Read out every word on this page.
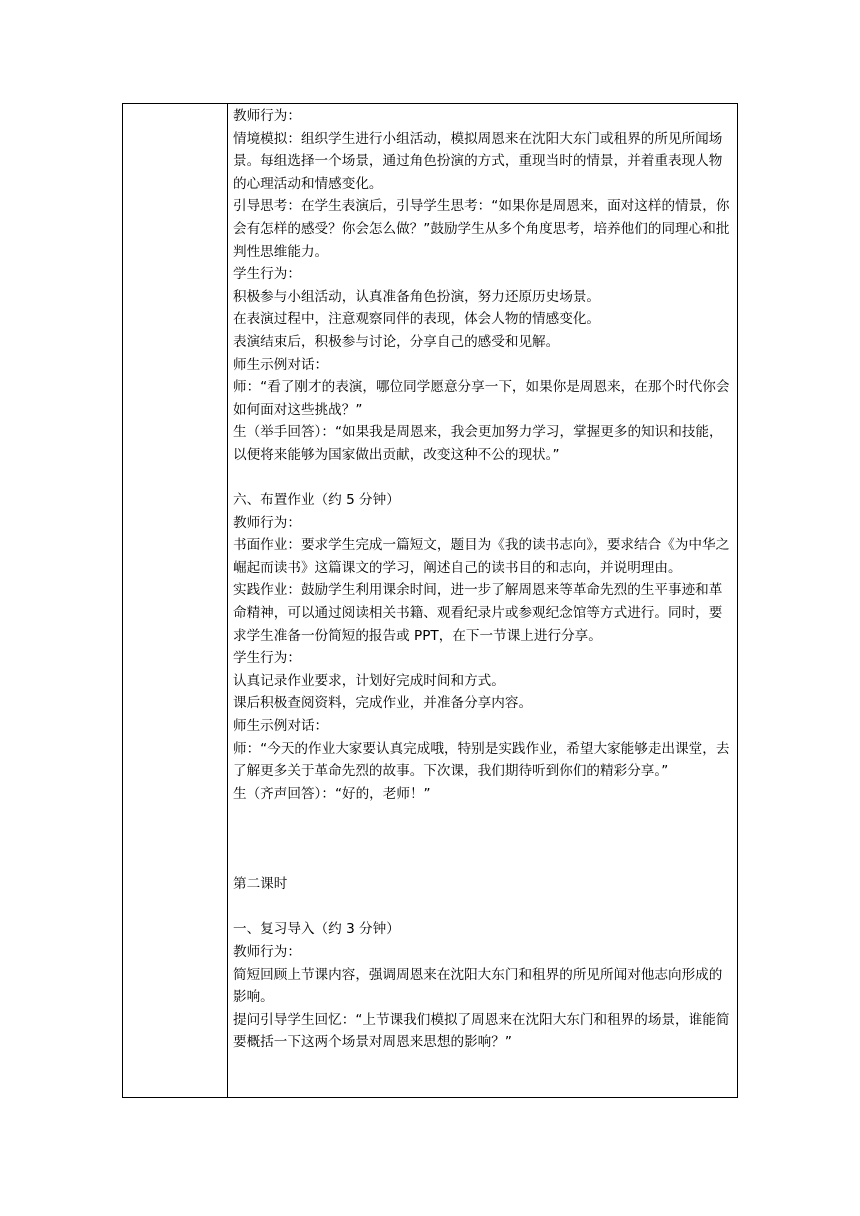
教师行为：

情境模拟：组织学生进行小组活动，模拟周恩来在沈阳大东门或租界的所见所闻场景。每组选择一个场景，通过角色扮演的方式，重现当时的情景，并着重表现人物的心理活动和情感变化。

引导思考：在学生表演后，引导学生思考：“如果你是周恩来，面对这样的情景，你会有怎样的感受？你会怎么做？”鼓励学生从多个角度思考，培养他们的同理心和批判性思维能力。

学生行为：

积极参与小组活动，认真准备角色扮演，努力还原历史场景。

在表演过程中，注意观察同伴的表现，体会人物的情感变化。

表演结束后，积极参与讨论，分享自己的感受和见解。

师生示例对话：

师：“看了刚才的表演，哪位同学愿意分享一下，如果你是周恩来，在那个时代你会如何面对这些挑战？”

生（举手回答）：“如果我是周恩来，我会更加努力学习，掌握更多的知识和技能，以便将来能够为国家做出贡献，改变这种不公的现状。”

六、布置作业（约 5 分钟）

教师行为：

书面作业：要求学生完成一篇短文，题目为《我的读书志向》，要求结合《为中华之崛起而读书》这篇课文的学习，阐述自己的读书目的和志向，并说明理由。

实践作业：鼓励学生利用课余时间，进一步了解周恩来等革命先烈的生平事迹和革命精神，可以通过阅读相关书籍、观看纪录片或参观纪念馆等方式进行。同时，要求学生准备一份简短的报告或 PPT，在下一节课上进行分享。

学生行为：

认真记录作业要求，计划好完成时间和方式。

课后积极查阅资料，完成作业，并准备分享内容。

师生示例对话：

师：“今天的作业大家要认真完成哦，特别是实践作业，希望大家能够走出课堂，去了解更多关于革命先烈的故事。下次课，我们期待听到你们的精彩分享。”

生（齐声回答）：“好的，老师！”

第二课时

一、复习导入（约 3 分钟）

教师行为：

简短回顾上节课内容，强调周恩来在沈阳大东门和租界的所见所闻对他志向形成的影响。

提问引导学生回忆：“上节课我们模拟了周恩来在沈阳大东门和租界的场景，谁能简要概括一下这两个场景对周恩来思想的影响？”
